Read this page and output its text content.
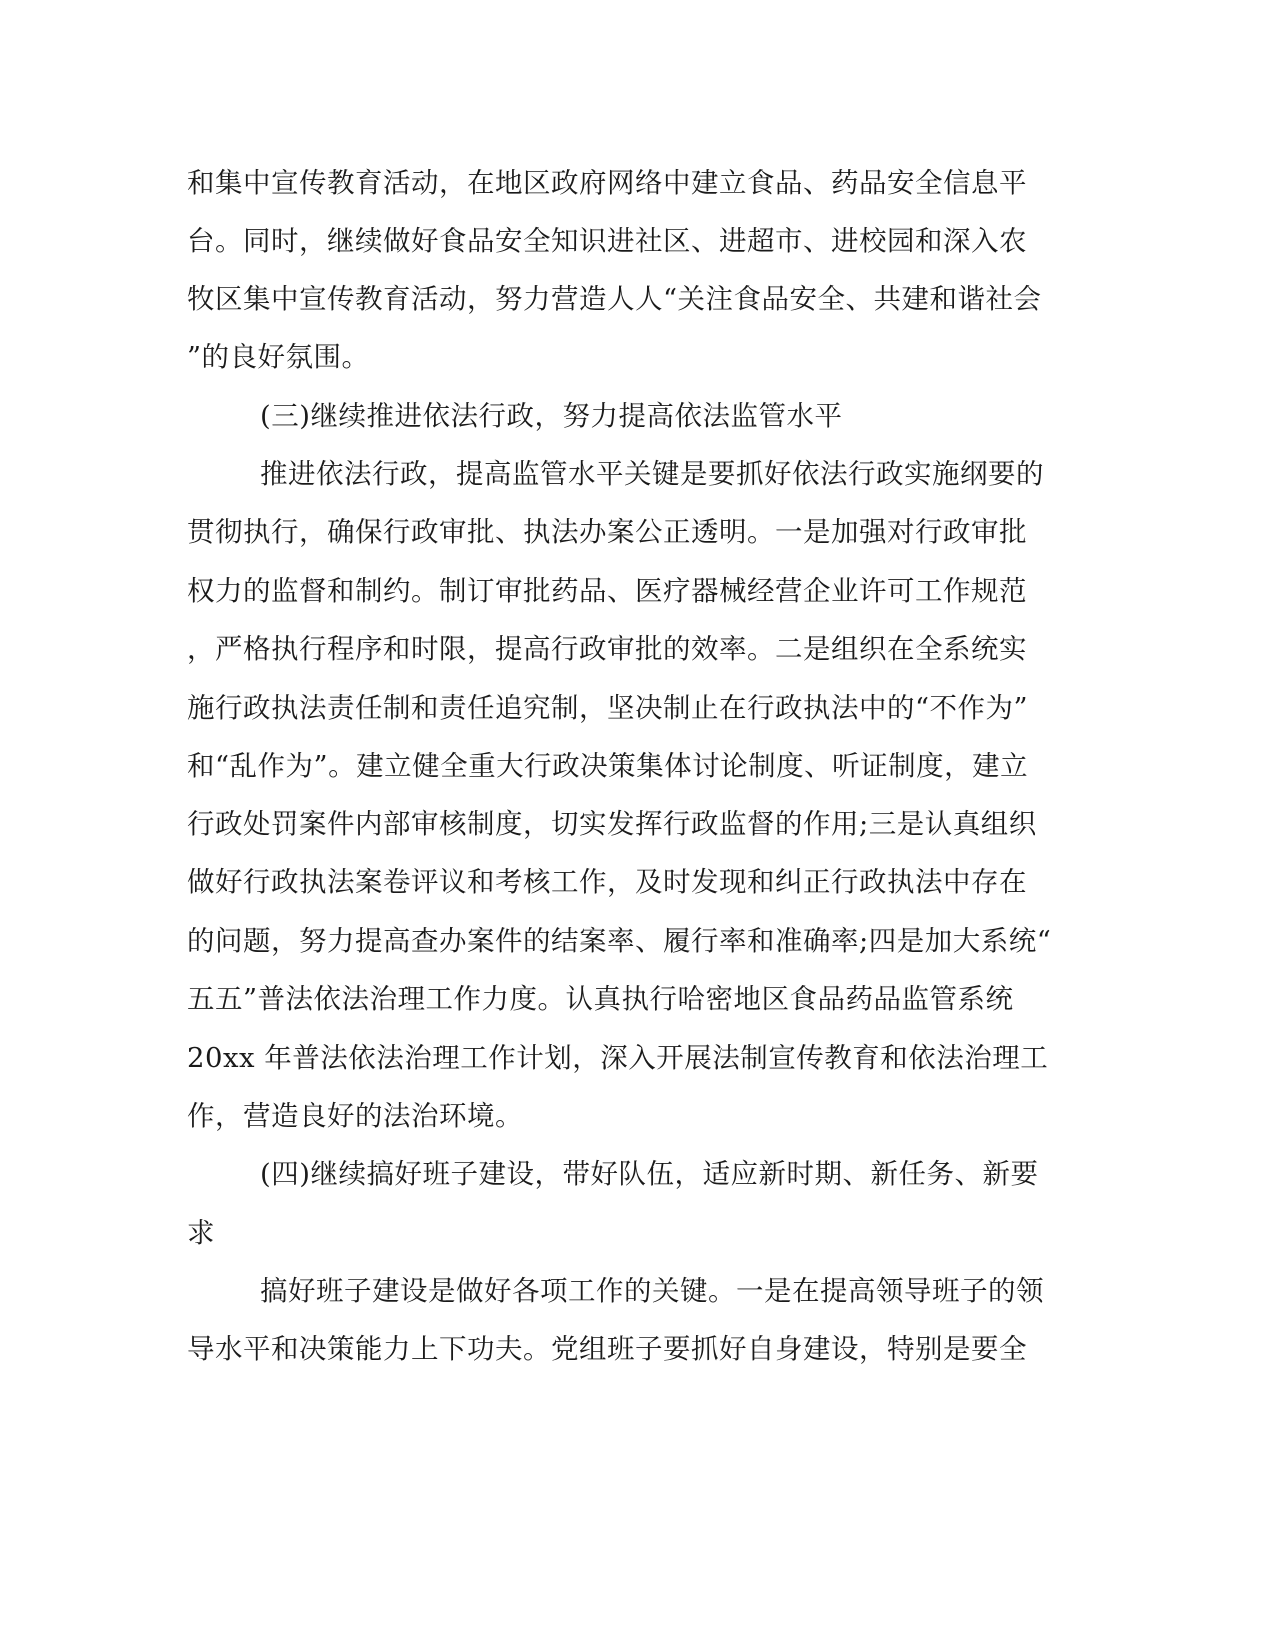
和集中宣传教育活动，在地区政府网络中建立食品、药品安全信息平
台。同时，继续做好食品安全知识进社区、进超市、进校园和深入农
牧区集中宣传教育活动，努力营造人人“关注食品安全、共建和谐社会
”的良好氛围。
(三)继续推进依法行政，努力提高依法监管水平
推进依法行政，提高监管水平关键是要抓好依法行政实施纲要的
贯彻执行，确保行政审批、执法办案公正透明。一是加强对行政审批
权力的监督和制约。制订审批药品、医疗器械经营企业许可工作规范
，严格执行程序和时限，提高行政审批的效率。二是组织在全系统实
施行政执法责任制和责任追究制，坚决制止在行政执法中的“不作为”
和“乱作为”。建立健全重大行政决策集体讨论制度、听证制度，建立
行政处罚案件内部审核制度，切实发挥行政监督的作用;三是认真组织
做好行政执法案卷评议和考核工作，及时发现和纠正行政执法中存在
的问题，努力提高查办案件的结案率、履行率和准确率;四是加大系统“
五五”普法依法治理工作力度。认真执行哈密地区食品药品监管系统
20xx 年普法依法治理工作计划，深入开展法制宣传教育和依法治理工
作，营造良好的法治环境。
(四)继续搞好班子建设，带好队伍，适应新时期、新任务、新要
求
搞好班子建设是做好各项工作的关键。一是在提高领导班子的领
导水平和决策能力上下功夫。党组班子要抓好自身建设，特别是要全
